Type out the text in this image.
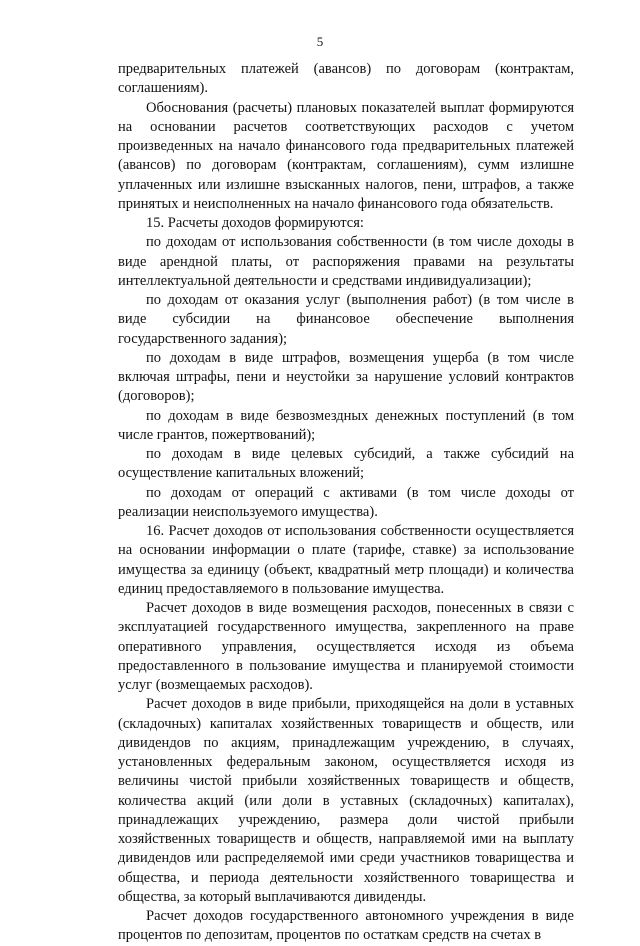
5

предварительных платежей (авансов) по договорам (контрактам, соглашениям).

Обоснования (расчеты) плановых показателей выплат формируются на основании расчетов соответствующих расходов с учетом произведенных на начало финансового года предварительных платежей (авансов) по договорам (контрактам, соглашениям), сумм излишне уплаченных или излишне взысканных налогов, пени, штрафов, а также принятых и неисполненных на начало финансового года обязательств.

15. Расчеты доходов формируются:

по доходам от использования собственности (в том числе доходы в виде арендной платы, от распоряжения правами на результаты интеллектуальной деятельности и средствами индивидуализации);

по доходам от оказания услуг (выполнения работ) (в том числе в виде субсидии на финансовое обеспечение выполнения государственного задания);

по доходам в виде штрафов, возмещения ущерба (в том числе включая штрафы, пени и неустойки за нарушение условий контрактов (договоров);

по доходам в виде безвозмездных денежных поступлений (в том числе грантов, пожертвований);

по доходам в виде целевых субсидий, а также субсидий на осуществление капитальных вложений;

по доходам от операций с активами (в том числе доходы от реализации неиспользуемого имущества).

16. Расчет доходов от использования собственности осуществляется на основании информации о плате (тарифе, ставке) за использование имущества за единицу (объект, квадратный метр площади) и количества единиц предоставляемого в пользование имущества.

Расчет доходов в виде возмещения расходов, понесенных в связи с эксплуатацией государственного имущества, закрепленного на праве оперативного управления, осуществляется исходя из объема предоставленного в пользование имущества и планируемой стоимости услуг (возмещаемых расходов).

Расчет доходов в виде прибыли, приходящейся на доли в уставных (складочных) капиталах хозяйственных товариществ и обществ, или дивидендов по акциям, принадлежащим учреждению, в случаях, установленных федеральным законом, осуществляется исходя из величины чистой прибыли хозяйственных товариществ и обществ, количества акций (или доли в уставных (складочных) капиталах), принадлежащих учреждению, размера доли чистой прибыли хозяйственных товариществ и обществ, направляемой ими на выплату дивидендов или распределяемой ими среди участников товарищества и общества, и периода деятельности хозяйственного товарищества и общества, за который выплачиваются дивиденды.

Расчет доходов государственного автономного учреждения в виде процентов по депозитам, процентов по остаткам средств на счетах в
